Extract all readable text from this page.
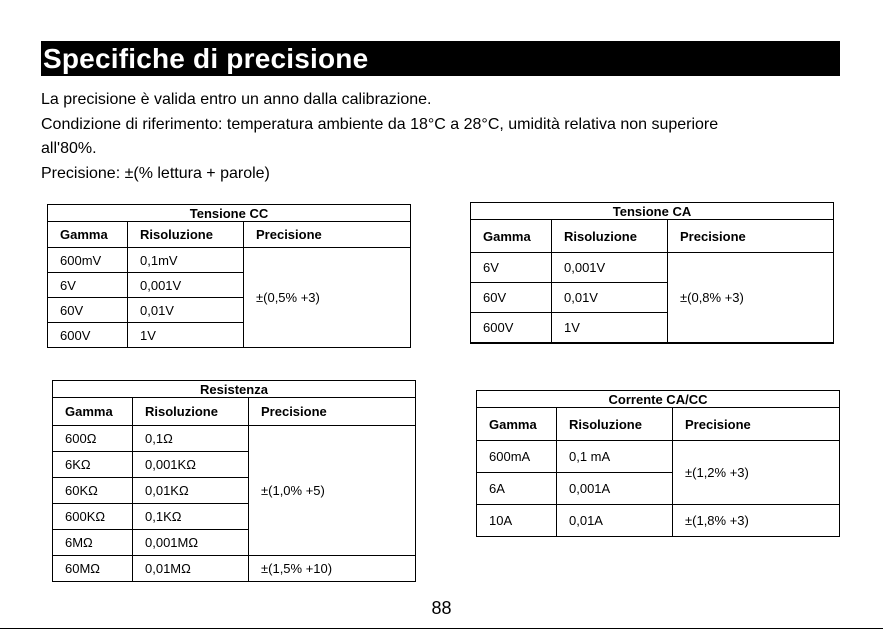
Specifiche di precisione

La precisione è valida entro un anno dalla calibrazione.

Condizione di riferimento: temperatura ambiente da 18°C a 28°C, umidità relativa non superiore

all'80%.

Precisione: ±(% lettura + parole)

Tensione CC		
Gamma	Risoluzione	Precisione
600mV	0,1mV	±(0,5% +3)
6V	0,001V	
60V	0,01V	
600V	1V	
Tensione CA		
Gamma	Risoluzione	Precisione
6V	0,001V	±(0,8% +3)
60V	0,01V	
600V	1V	
Resistenza		
Gamma	Risoluzione	Precisione
600Ω	0,1Ω	±(1,0% +5)
6KΩ	0,001KΩ	
60KΩ	0,01KΩ	
600KΩ	0,1KΩ	
6MΩ	0,001MΩ	
60MΩ	0,01MΩ	±(1,5% +10)
Corrente CA/CC		
Gamma	Risoluzione	Precisione
600mA	0,1 mA	±(1,2% +3)
6A	0,001A	
10A	0,01A	±(1,8% +3)
88
